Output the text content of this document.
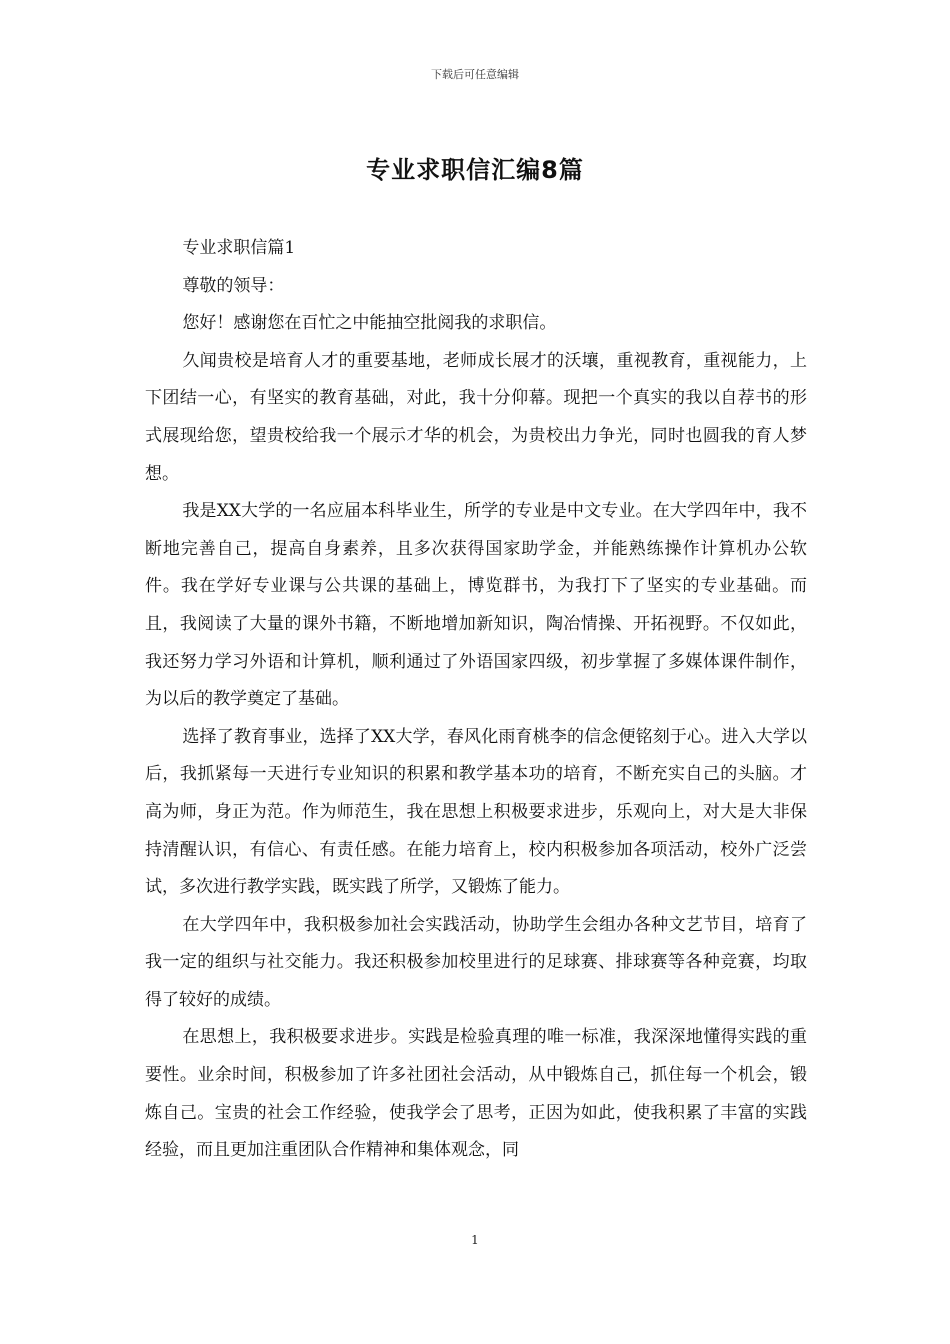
下载后可任意编辑
专业求职信汇编8篇

专业求职信篇1

尊敬的领导：

您好！感谢您在百忙之中能抽空批阅我的求职信。

久闻贵校是培育人才的重要基地，老师成长展才的沃壤，重视教育，重视能力，上下团结一心，有坚实的教育基础，对此，我十分仰幕。现把一个真实的我以自荐书的形式展现给您，望贵校给我一个展示才华的机会，为贵校出力争光，同时也圆我的育人梦想。

我是XX大学的一名应届本科毕业生，所学的专业是中文专业。在大学四年中，我不断地完善自己，提高自身素养，且多次获得国家助学金，并能熟练操作计算机办公软件。我在学好专业课与公共课的基础上，博览群书，为我打下了坚实的专业基础。而且，我阅读了大量的课外书籍，不断地增加新知识，陶冶情操、开拓视野。不仅如此，我还努力学习外语和计算机，顺利通过了外语国家四级，初步掌握了多媒体课件制作，为以后的教学奠定了基础。

选择了教育事业，选择了XX大学，春风化雨育桃李的信念便铭刻于心。进入大学以后，我抓紧每一天进行专业知识的积累和教学基本功的培育，不断充实自己的头脑。才高为师，身正为范。作为师范生，我在思想上积极要求进步，乐观向上，对大是大非保持清醒认识，有信心、有责任感。在能力培育上，校内积极参加各项活动，校外广泛尝试，多次进行教学实践，既实践了所学，又锻炼了能力。

在大学四年中，我积极参加社会实践活动，协助学生会组办各种文艺节目，培育了我一定的组织与社交能力。我还积极参加校里进行的足球赛、排球赛等各种竞赛，均取得了较好的成绩。

在思想上，我积极要求进步。实践是检验真理的唯一标准，我深深地懂得实践的重要性。业余时间，积极参加了许多社团社会活动，从中锻炼自己，抓住每一个机会，锻炼自己。宝贵的社会工作经验，使我学会了思考，正因为如此，使我积累了丰富的实践经验，而且更加注重团队合作精神和集体观念，同

1
